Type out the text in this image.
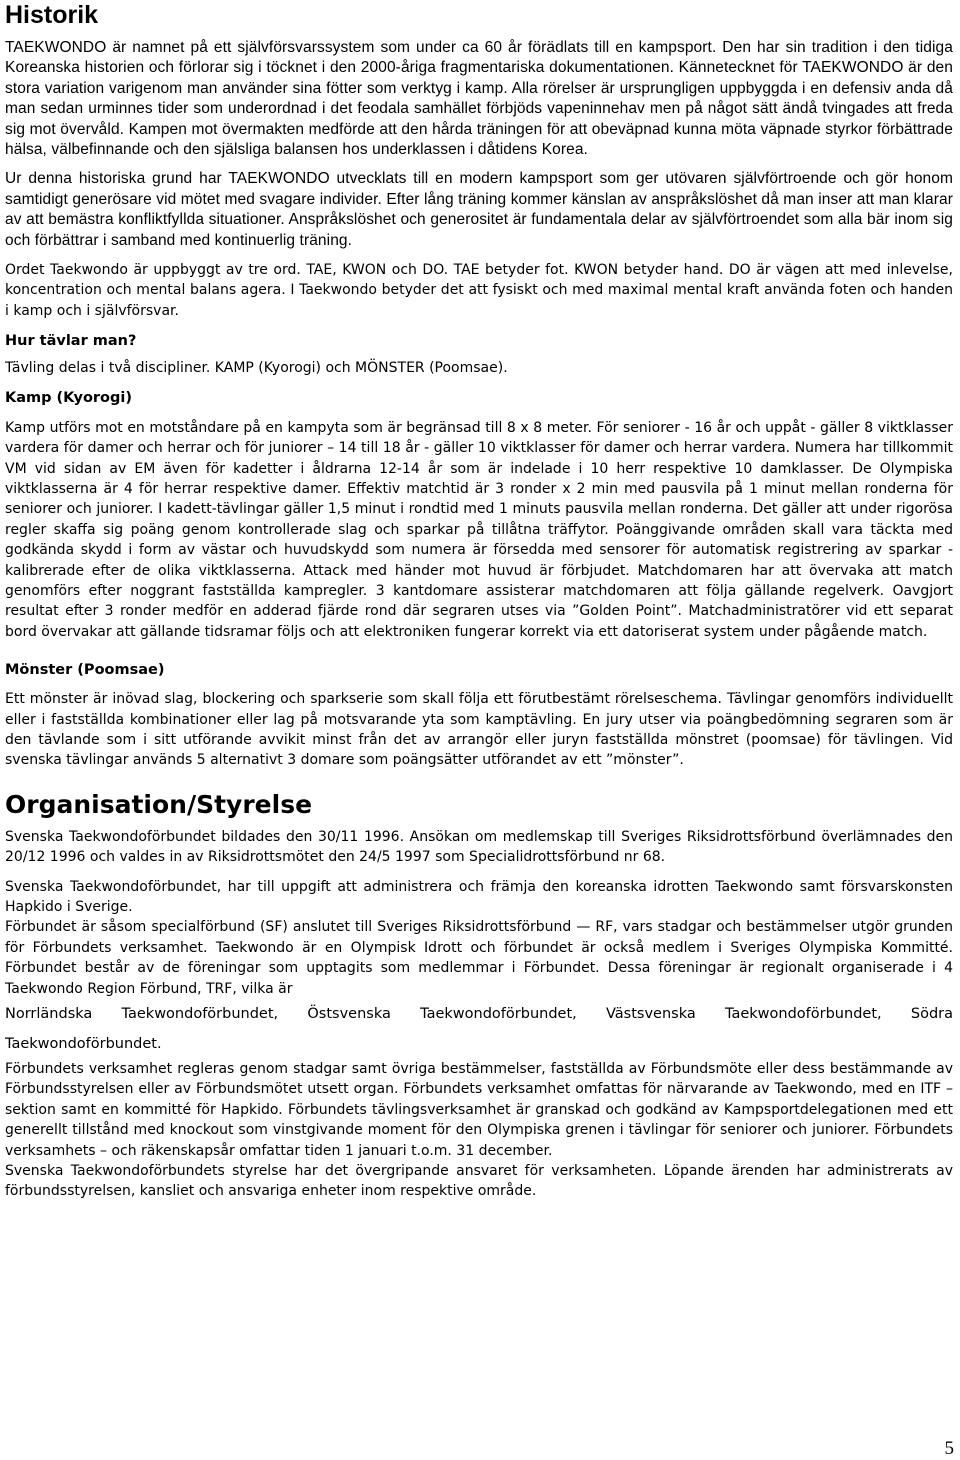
Historik

TAEKWONDO är namnet på ett självförsvarssystem som under ca 60 år förädlats till en kampsport. Den har sin tradition i den tidiga Koreanska historien och förlorar sig i töcknet i den 2000-åriga fragmentariska dokumentationen. Kännetecknet för TAEKWONDO är den stora variation varigenom man använder sina fötter som verktyg i kamp. Alla rörelser är ursprungligen uppbyggda i en defensiv anda då man sedan urminnes tider som underordnad i det feodala samhället förbjöds vapeninnehav men på något sätt ändå tvingades att freda sig mot övervåld. Kampen mot övermakten medförde att den hårda träningen för att obeväpnad kunna möta väpnade styrkor förbättrade hälsa, välbefinnande och den själsliga balansen hos underklassen i dåtidens Korea.

Ur denna historiska grund har TAEKWONDO utvecklats till en modern kampsport som ger utövaren självförtroende och gör honom samtidigt generösare vid mötet med svagare individer. Efter lång träning kommer känslan av anspråkslöshet då man inser att man klarar av att bemästra konfliktfyllda situationer. Anspråkslöshet och generositet är fundamentala delar av självförtroendet som alla bär inom sig och förbättrar i samband med kontinuerlig träning.

Ordet Taekwondo är uppbyggt av tre ord. TAE, KWON och DO. TAE betyder fot. KWON betyder hand. DO är vägen att med inlevelse, koncentration och mental balans agera. I Taekwondo betyder det att fysiskt och med maximal mental kraft använda foten och handen i kamp och i självförsvar.

Hur tävlar man?

Tävling delas i två discipliner. KAMP (Kyorogi) och MÖNSTER (Poomsae).

Kamp (Kyorogi)

Kamp utförs mot en motståndare på en kampyta som är begränsad till 8 x 8 meter. För seniorer - 16 år och uppåt - gäller 8 viktklasser vardera för damer och herrar och för juniorer – 14 till 18 år - gäller 10 viktklasser för damer och herrar vardera. Numera har tillkommit VM vid sidan av EM även för kadetter i åldrarna 12-14 år som är indelade i 10 herr respektive 10 damklasser. De Olympiska viktklasserna är 4 för herrar respektive damer. Effektiv matchtid är 3 ronder x 2 min med pausvila på 1 minut mellan ronderna för seniorer och juniorer. I kadett-tävlingar gäller 1,5 minut i rondtid med 1 minuts pausvila mellan ronderna. Det gäller att under rigorösa regler skaffa sig poäng genom kontrollerade slag och sparkar på tillåtna träffytor. Poänggivande områden skall vara täckta med godkända skydd i form av västar och huvudskydd som numera är försedda med sensorer för automatisk registrering av sparkar - kalibrerade efter de olika viktklasserna. Attack med händer mot huvud är förbjudet. Matchdomaren har att övervaka att match genomförs efter noggrant fastställda kampregler. 3 kantdomare assisterar matchdomaren att följa gällande regelverk. Oavgjort resultat efter 3 ronder medför en adderad fjärde rond där segraren utses via ”Golden Point”. Matchadministratörer vid ett separat bord övervakar att gällande tidsramar följs och att elektroniken fungerar korrekt via ett datoriserat system under pågående match.

Mönster (Poomsae)

Ett mönster är inövad slag, blockering och sparkserie som skall följa ett förutbestämt rörelseschema. Tävlingar genomförs individuellt eller i fastställda kombinationer eller lag på motsvarande yta som kamptävling. En jury utser via poängbedömning segraren som är den tävlande som i sitt utförande avvikit minst från det av arrangör eller juryn fastställda mönstret (poomsae) för tävlingen. Vid svenska tävlingar används 5 alternativt 3 domare som poängsätter utförandet av ett ”mönster”.

Organisation/Styrelse

Svenska Taekwondoförbundet bildades den 30/11 1996. Ansökan om medlemskap till Sveriges Riksidrottsförbund överlämnades den 20/12 1996 och valdes in av Riksidrottsmötet den 24/5 1997 som Specialidrottsförbund nr 68.

Svenska Taekwondoförbundet, har till uppgift att administrera och främja den koreanska idrotten Taekwondo samt försvarskonsten Hapkido i Sverige.

Förbundet är såsom specialförbund (SF) anslutet till Sveriges Riksidrottsförbund — RF, vars stadgar och bestämmelser utgör grunden för Förbundets verksamhet. Taekwondo är en Olympisk Idrott och förbundet är också medlem i Sveriges Olympiska Kommitté. Förbundet består av de föreningar som upptagits som medlemmar i Förbundet. Dessa föreningar är regionalt organiserade i 4 Taekwondo Region Förbund, TRF, vilka är

Norrländska Taekwondoförbundet, Östsvenska Taekwondoförbundet, Västsvenska Taekwondoförbundet, Södra Taekwondoförbundet.

Förbundets verksamhet regleras genom stadgar samt övriga bestämmelser, fastställda av Förbundsmöte eller dess bestämmande av Förbundsstyrelsen eller av Förbundsmötet utsett organ. Förbundets verksamhet omfattas för närvarande av Taekwondo, med en ITF – sektion samt en kommitté för Hapkido. Förbundets tävlingsverksamhet är granskad och godkänd av Kampsportdelegationen med ett generellt tillstånd med knockout som vinstgivande moment för den Olympiska grenen i tävlingar för seniorer och juniorer. Förbundets verksamhets – och räkenskapsår omfattar tiden 1 januari t.o.m. 31 december.

Svenska Taekwondoförbundets styrelse har det övergripande ansvaret för verksamheten. Löpande ärenden har administrerats av förbundsstyrelsen, kansliet och ansvariga enheter inom respektive område.

5
